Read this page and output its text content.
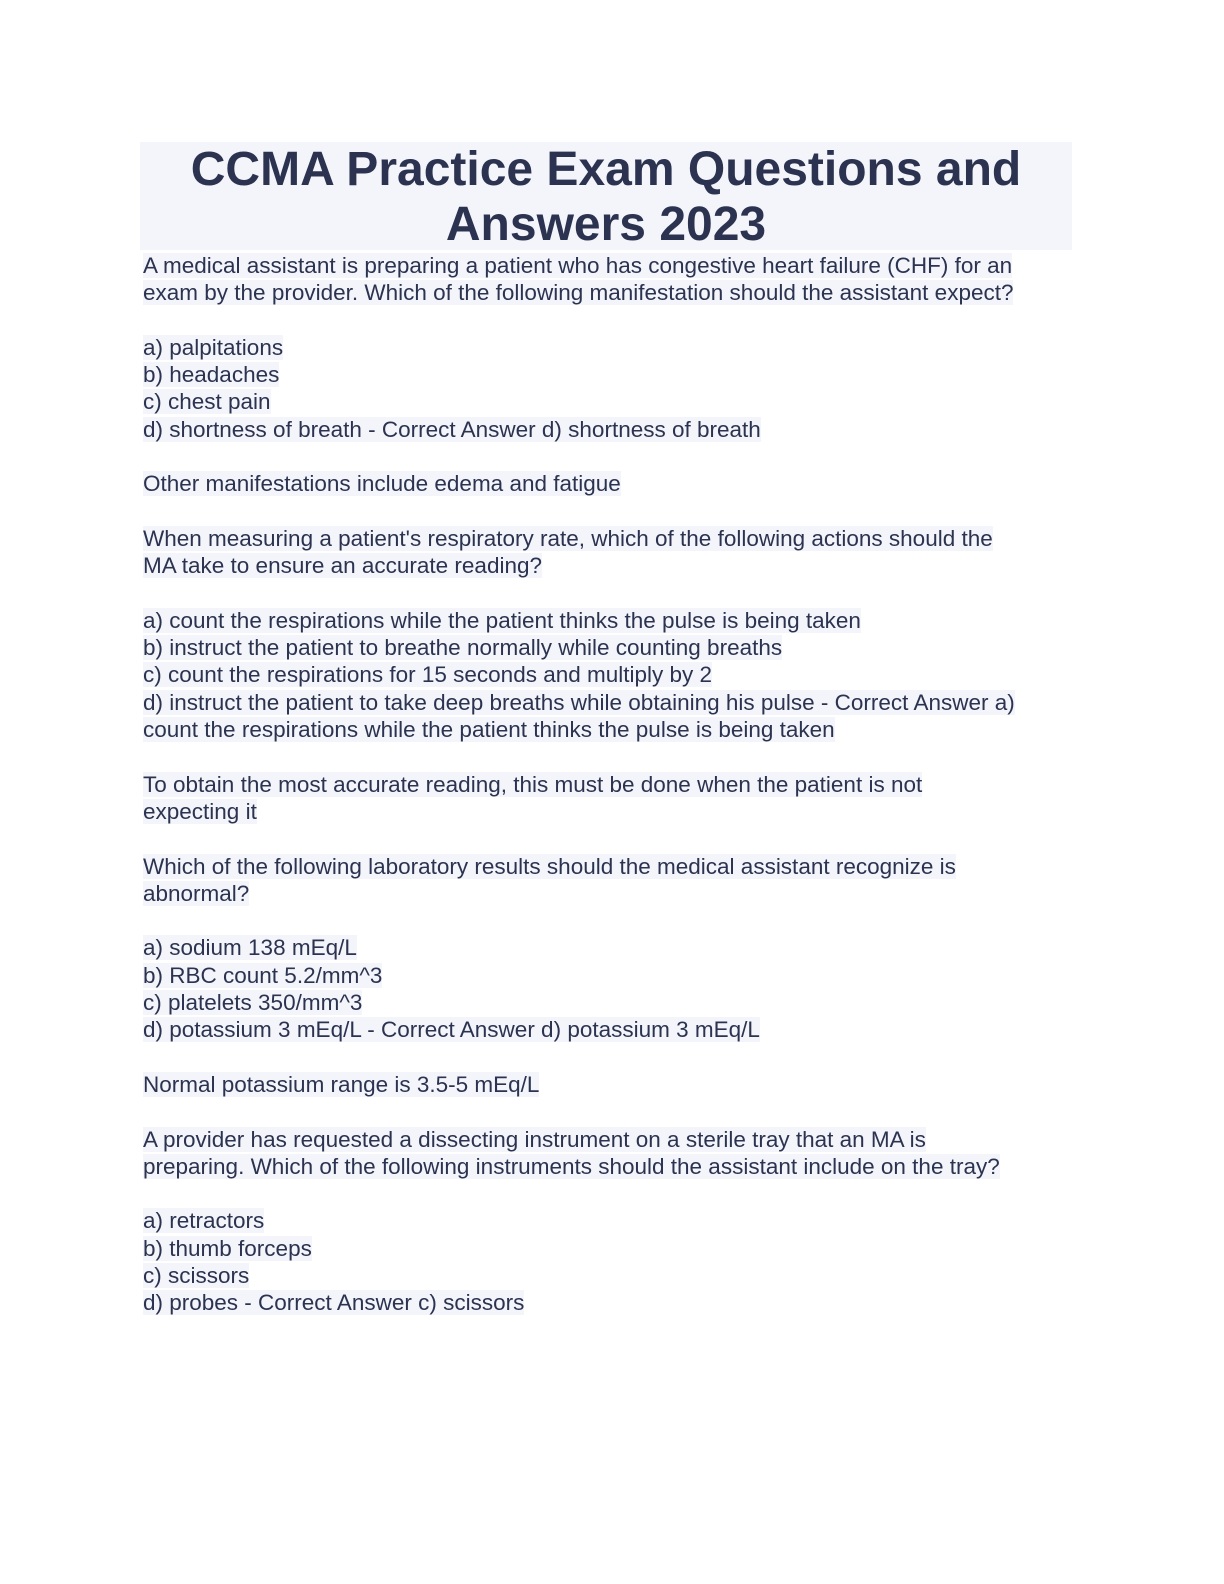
CCMA Practice Exam Questions and
Answers 2023
A medical assistant is preparing a patient who has congestive heart failure (CHF) for an
exam by the provider. Which of the following manifestation should the assistant expect?
a) palpitations
b) headaches
c) chest pain
d) shortness of breath - Correct Answer d) shortness of breath
Other manifestations include edema and fatigue
When measuring a patient's respiratory rate, which of the following actions should the
MA take to ensure an accurate reading?
a) count the respirations while the patient thinks the pulse is being taken
b) instruct the patient to breathe normally while counting breaths
c) count the respirations for 15 seconds and multiply by 2
d) instruct the patient to take deep breaths while obtaining his pulse - Correct Answer a)
count the respirations while the patient thinks the pulse is being taken
To obtain the most accurate reading, this must be done when the patient is not
expecting it
Which of the following laboratory results should the medical assistant recognize is
abnormal?
a) sodium 138 mEq/L
b) RBC count 5.2/mm^3
c) platelets 350/mm^3
d) potassium 3 mEq/L - Correct Answer d) potassium 3 mEq/L
Normal potassium range is 3.5-5 mEq/L
A provider has requested a dissecting instrument on a sterile tray that an MA is
preparing. Which of the following instruments should the assistant include on the tray?
a) retractors
b) thumb forceps
c) scissors
d) probes - Correct Answer c) scissors
